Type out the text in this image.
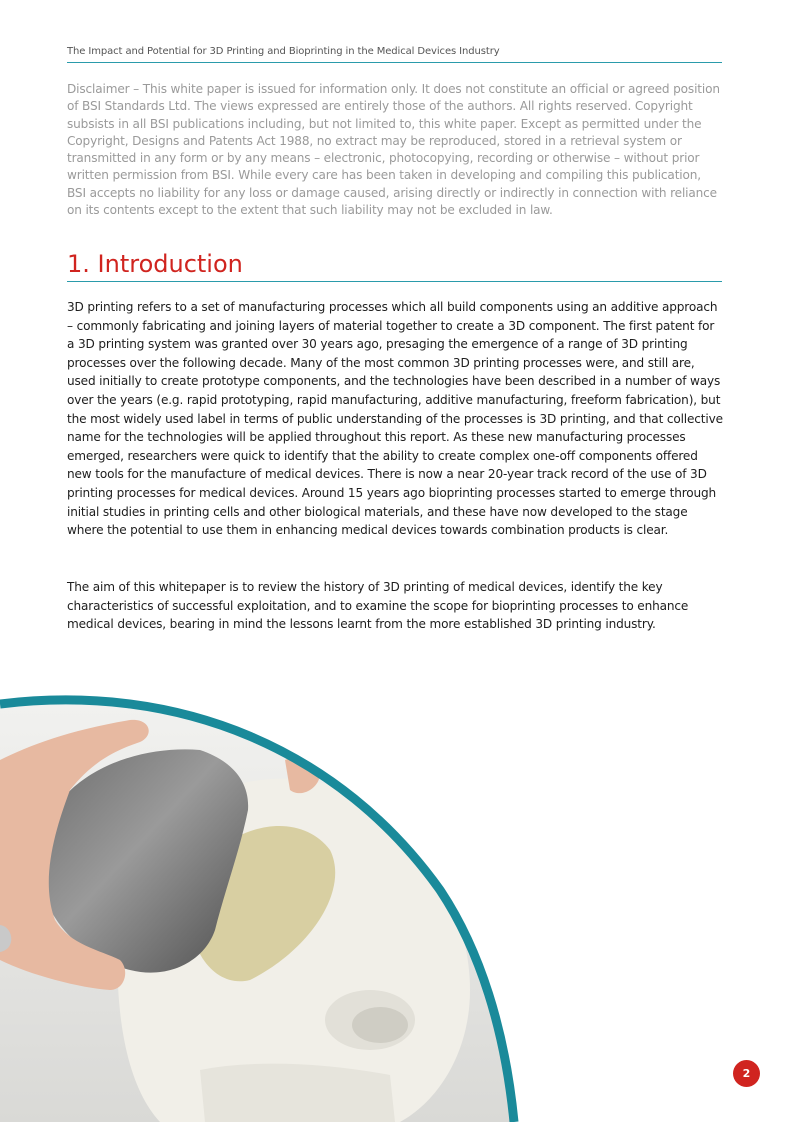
The Impact and Potential for 3D Printing and Bioprinting in the Medical Devices Industry

Disclaimer – This white paper is issued for information only. It does not constitute an official or agreed position of BSI Standards Ltd. The views expressed are entirely those of the authors. All rights reserved. Copyright subsists in all BSI publications including, but not limited to, this white paper. Except as permitted under the Copyright, Designs and Patents Act 1988, no extract may be reproduced, stored in a retrieval system or transmitted in any form or by any means – electronic, photocopying, recording or otherwise – without prior written permission from BSI. While every care has been taken in developing and compiling this publication, BSI accepts no liability for any loss or damage caused, arising directly or indirectly in connection with reliance on its contents except to the extent that such liability may not be excluded in law.

1. Introduction

3D printing refers to a set of manufacturing processes which all build components using an additive approach – commonly fabricating and joining layers of material together to create a 3D component. The first patent for a 3D printing system was granted over 30 years ago, presaging the emergence of a range of 3D printing processes over the following decade. Many of the most common 3D printing processes were, and still are, used initially to create prototype components, and the technologies have been described in a number of ways over the years (e.g. rapid prototyping, rapid manufacturing, additive manufacturing, freeform fabrication), but the most widely used label in terms of public understanding of the processes is 3D printing, and that collective name for the technologies will be applied throughout this report. As these new manufacturing processes emerged, researchers were quick to identify that the ability to create complex one-off components offered new tools for the manufacture of medical devices. There is now a near 20-year track record of the use of 3D printing processes for medical devices. Around 15 years ago bioprinting processes started to emerge through initial studies in printing cells and other biological materials, and these have now developed to the stage where the potential to use them in enhancing medical devices towards combination products is clear.

The aim of this whitepaper is to review the history of 3D printing of medical devices, identify the key characteristics of successful exploitation, and to examine the scope for bioprinting processes to enhance medical devices, bearing in mind the lessons learnt from the more established 3D printing industry.

2
